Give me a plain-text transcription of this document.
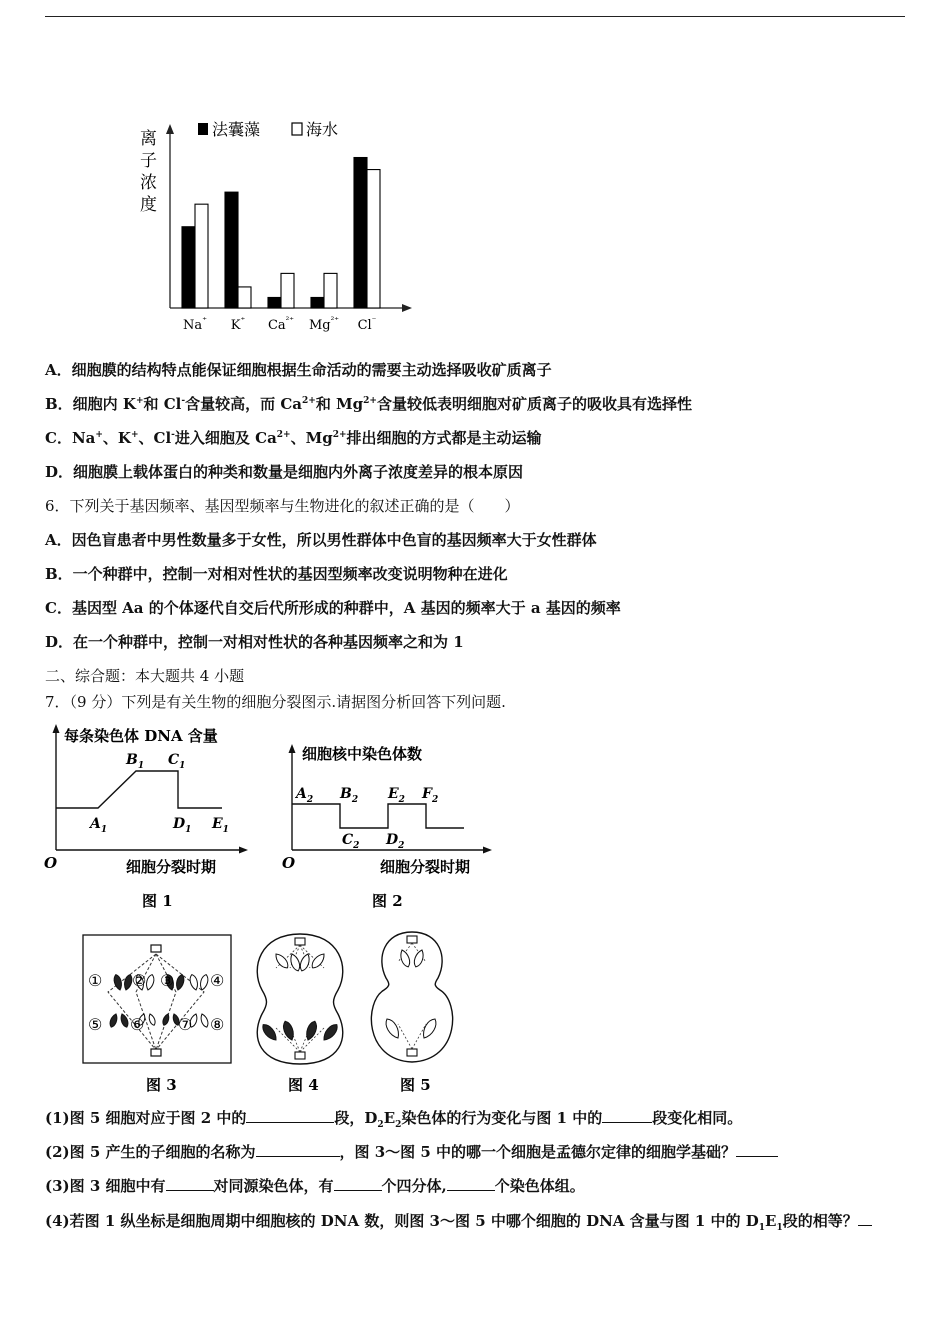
离子浓度
法囊藻	海水
Na⁺ K⁺ $Ca^{^{2+}}$ $Mg^{^{2+}}$ Cl⁻
A．细胞膜的结构特点能保证细胞根据生命活动的需要主动选择吸收矿质离子
B．细胞内 K+和 Cl-含量较高，而 $Ca^{2+}$和 $Mg^{2+}$含量较低表明细胞对矿质离子的吸收具有选择性
C．Na+、K+、Cl-进入细胞及 $Ca^{2+}$、$Mg^{2+}$排出细胞的方式都是主动运输
D．细胞膜上载体蛋白的种类和数量是细胞内外离子浓度差异的根本原因
6．下列关于基因频率、基因型频率与生物进化的叙述正确的是（　　）
A．因色盲患者中男性数量多于女性，所以男性群体中色盲的基因频率大于女性群体
B．一个种群中，控制一对相对性状的基因型频率改变说明物种在进化
C．基因型 Aa 的个体逐代自交后代所形成的种群中，A 基因的频率大于 a 基因的频率
D．在一个种群中，控制一对相对性状的各种基因频率之和为 1
二、综合题：本大题共 4 小题
7．（9 分）下列是有关生物的细胞分裂图示.请据图分析回答下列问题.
每条染色体 DNA 含量
细胞分裂时期
O
$A_1$
$B_1$ $C_1$
$D_1$ $E_1$
图 1
细胞核中染色体数
细胞分裂时期
O
$A_2$ $B_2$
$C_2$ $D_2$
$E_2$ $F_2$
图 2
① ② ③ ④
⑤ ⑥ ⑦ ⑧
图 3	图 4	图 5
(1)图 5 细胞对应于图 2 中的	段，$D_2E_2$染色体的行为变化与图 1 中的	段变化相同。
(2)图 5 产生的子细胞的名称为	，图 3～图 5 中的哪一个细胞是孟德尔定律的细胞学基础？
(3)图 3 细胞中有	对同源染色体，有	个四分体,	个染色体组。
(4)若图 1 纵坐标是细胞周期中细胞核的 DNA 数，则图 3～图 5 中哪个细胞的 DNA 含量与图 1 中的 $D_1E_1$段的相等？
